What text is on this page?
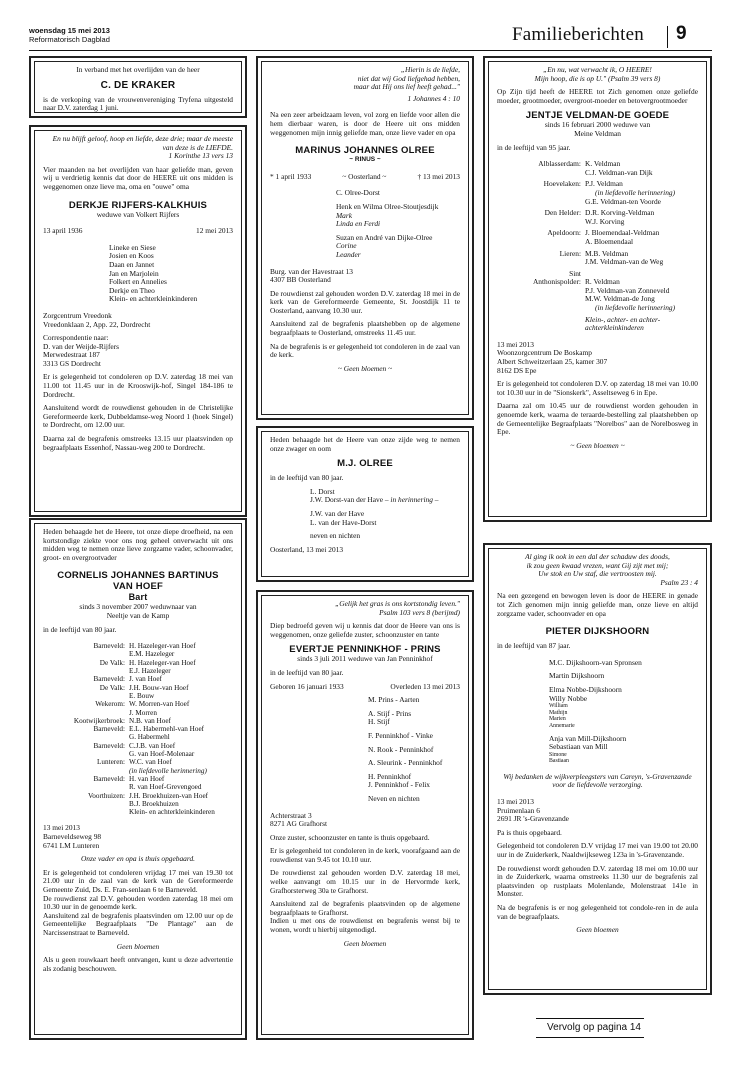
woensdag 15 mei 2013
Reformatorisch Dagblad	Familieberichten 9

In verband met het overlijden van de heer

C. DE KRAKER

is de verkoping van de vrouwenvereniging Tryfena uitgesteld naar D.V. zaterdag 1 juni.

En nu blijft geloof, hoop en liefde, deze drie; maar de meeste van deze is de LIEFDE.

1 Korinthe 13 vers 13

Vier maanden na het overlijden van haar geliefde man, geven wij u verdrietig kennis dat door de HEERE uit ons midden is weggenomen onze lieve ma, oma en "ouwe" oma

DERKJE RIJFERS-KALKHUIS

weduwe van Volkert Rijfers

13 april 1936	12 mei 2013

Lineke en Siese

Josien en Koos

Daan en Jannet

Jan en Marjolein

Folkert en Annelies

Derkje en Theo

Klein- en achterkleinkinderen

Zorgcentrum Vreedonk

Vreedonklaan 2, App. 22, Dordrecht

Correspondentie naar:

D. van der Weijde-Rijfers

Merwedestraat 187

3313 GS Dordrecht

Er is gelegenheid tot condoleren op D.V. zaterdag 18 mei van 11.00 tot 11.45 uur in de Krooswijk-hof, Singel 184-186 te Dordrecht.

Aansluitend wordt de rouwdienst gehouden in de Christelijke Gereformeerde kerk, Dubbeldamse-weg Noord 1 (hoek Singel) te Dordrecht, om 12.00 uur.

Daarna zal de begrafenis omstreeks 13.15 uur plaatsvinden op begraafplaats Essenhof, Nassau-weg 200 te Dordrecht.

Heden behaagde het de Heere, tot onze diepe droefheid, na een kortstondige ziekte voor ons nog geheel onverwacht uit ons midden weg te nemen onze lieve zorgzame vader, schoonvader, groot- en overgrootvader

CORNELIS JOHANNES BARTINUS

VAN HOEF

Bart

sinds 3 november 2007 weduwnaar van

Neeltje van de Kamp

in de leeftijd van 80 jaar.

Barneveld: H. Hazeleger-van Hoef

E.M. Hazeleger

De Valk: H. Hazeleger-van Hoef

E.J. Hazeleger

Barneveld: J. van Hoef

De Valk: J.H. Bouw-van Hoef

E. Bouw

Wekerom: W. Morren-van Hoef

J. Morren

Kootwijkerbroek: N.B. van Hoef

Barneveld: E.L. Habermehl-van Hoef

G. Habermehl

Barneveld: C.J.B. van Hoef

G. van Hoef-Molenaar

Lunteren: W.C. van Hoef

(in liefdevolle herinnering)

Barneveld: H. van Hoef

R. van Hoef-Grevengoed

Voorthuizen: J.H. Broekhuizen-van Hoef

B.J. Broekhuizen

Klein- en achterkleinkinderen

13 mei 2013

Barneveldseweg 98

6741 LM Lunteren

Onze vader en opa is thuis opgebaard.

Er is gelegenheid tot condoleren vrijdag 17 mei van 19.30 tot 21.00 uur in de zaal van de kerk van de Gereformeerde Gemeente Zuid, Ds. E. Fran-senlaan 6 te Barneveld.

De rouwdienst zal D.V. gehouden worden zaterdag 18 mei om 10.30 uur in de genoemde kerk.

Aansluitend zal de begrafenis plaatsvinden om 12.00 uur op de Gemeentelijke Begraafplaats "De Plantage" aan de Narcissenstraat te Barneveld.

Geen bloemen

Als u geen rouwkaart heeft ontvangen, kunt u deze advertentie als zodanig beschouwen.

„Hierin is de liefde,

niet dat wij God liefgehad hebben,

maar dat Hij ons lief heeft gehad..."

1 Johannes 4 : 10

Na een zeer arbeidzaam leven, vol zorg en liefde voor allen die hem dierbaar waren, is door de Heere uit ons midden weggenomen mijn innig geliefde man, onze lieve vader en opa

MARINUS JOHANNES OLREE

~ RINUS ~

* 1 april 1933	~ Oosterland ~	† 13 mei 2013

C. Olree-Dorst

Henk en Wilma Olree-Stoutjesdijk

Mark

Linda en Ferdi

Suzan en André van Dijke-Olree

Corine

Leander

Burg. van der Havestraat 13

4307 BB Oosterland

De rouwdienst zal gehouden worden D.V. zaterdag 18 mei in de kerk van de Gereformeerde Gemeente, St. Joostdijk 11 te Oosterland, aanvang 10.30 uur.

Aansluitend zal de begrafenis plaatshebben op de algemene begraafplaats te Oosterland, omstreeks 11.45 uur.

Na de begrafenis is er gelegenheid tot condoleren in de zaal van de kerk.

~ Geen bloemen ~

Heden behaagde het de Heere van onze zijde weg te nemen onze zwager en oom

M.J. OLREE

in de leeftijd van 80 jaar.

L. Dorst

J.W. Dorst-van der Have – in herinnering –

J.W. van der Have

L. van der Have-Dorst

neven en nichten

Oosterland, 13 mei 2013

„Gelijk het gras is ons kortstondig leven."

Psalm 103 vers 8 (berijmd)

Diep bedroefd geven wij u kennis dat door de Heere van ons is weggenomen, onze geliefde zuster, schoonzuster en tante

EVERTJE PENNINKHOF - PRINS

sinds 3 juli 2011 weduwe van Jan Penninkhof

in de leeftijd van 80 jaar.

Geboren 16 januari 1933	Overleden 13 mei 2013

M. Prins - Aarten

A. Stijf - Prins

H. Stijf

F. Penninkhof - Vinke

N. Rook - Penninkhof

A. Sleurink - Penninkhof

H. Penninkhof

J. Penninkhof - Felix

Neven en nichten

Achterstraat 3

8271 AG Grafhorst

Onze zuster, schoonzuster en tante is thuis opgebaard.

Er is gelegenheid tot condoleren in de kerk, voorafgaand aan de rouwdienst van 9.45 tot 10.10 uur.

De rouwdienst zal gehouden worden D.V. zaterdag 18 mei, welke aanvangt om 10.15 uur in de Hervormde kerk, Grafhorsterweg 30a te Grafhorst.

Aansluitend zal de begrafenis plaatsvinden op de algemene begraafplaats te Grafhorst.

Indien u met ons de rouwdienst en begrafenis wenst bij te wonen, wordt u hierbij uitgenodigd.

Geen bloemen

„En nu, wat verwacht ik, O HEERE!

Mijn hoop, die is op U." (Psalm 39 vers 8)

Op Zijn tijd heeft de HEERE tot Zich genomen onze geliefde moeder, grootmoeder, overgroot-moeder en betovergrootmoeder

JENTJE VELDMAN-DE GOEDE

sinds 16 februari 2000 weduwe van

Meine Veldman

in de leeftijd van 95 jaar.

Alblasserdam: K. Veldman

C.J. Veldman-van Dijk

Hoevelaken: P.J. Veldman

(in liefdevolle herinnering)

G.E. Veldman-ten Voorde

Den Helder: D.R. Korving-Veldman

W.J. Korving

Apeldoorn: J. Bloemendaal-Veldman

A. Bloemendaal

Lieren: M.B. Veldman

J.M. Veldman-van de Weg

Sint
Anthonispolder: R. Veldman

P.J. Veldman-van Zonneveld

M.W. Veldman-de Jong

(in liefdevolle herinnering)

Klein-, achter- en achter-

achterkleinkinderen

13 mei 2013

Woonzorgcentrum De Boskamp

Albert Schweitzerlaan 25, kamer 307

8162 DS Epe

Er is gelegenheid tot condoleren D.V. op zaterdag 18 mei van 10.00 tot 10.30 uur in de "Sionskerk", Asseltseweg 6 in Epe.

Daarna zal om 10.45 uur de rouwdienst worden gehouden in genoemde kerk, waarna de teraarde-bestelling zal plaatshebben op de Gemeentelijke Begraafplaats "Norelbos" aan de Norelbosweg in Epe.

~ Geen bloemen ~

Al ging ik ook in een dal der schaduw des doods,

ik zou geen kwaad vrezen, want Gij zijt met mij;

Uw stok en Uw staf, die vertroosten mij.

Psalm 23 : 4

Na een gezegend en bewogen leven is door de HEERE in genade tot Zich genomen mijn innig geliefde man, onze lieve en altijd zorgzame vader, schoonvader en opa

PIETER DIJKSHOORN

in de leeftijd van 87 jaar.

M.C. Dijkshoorn-van Spronsen

Martin Dijkshoorn

Elma Nobbe-Dijkshoorn

Willy Nobbe

William

Mathijn

Marien

Annemarie

Anja van Mill-Dijkshoorn

Sebastiaan van Mill

Simone

Bastiaan

Wij bedanken de wijkverpleegsters van Careyn, 's-Gravenzande voor de liefdevolle verzorging.

13 mei 2013

Pruimenlaan 6

2691 JR 's-Gravenzande

Pa is thuis opgebaard.

Gelegenheid tot condoleren D.V vrijdag 17 mei van 19.00 tot 20.00 uur in de Zuiderkerk, Naaldwijkseweg 123a in 's-Gravenzande.

De rouwdienst wordt gehouden D.V. zaterdag 18 mei om 10.00 uur in de Zuiderkerk, waarna omstreeks 11.30 uur de begrafenis zal plaatsvinden op rustplaats Molenlande, Molenstraat 141e in Monster.

Na de begrafenis is er nog gelegenheid tot condole-ren in de aula van de begraafplaats.

Geen bloemen

Vervolg op pagina 14
